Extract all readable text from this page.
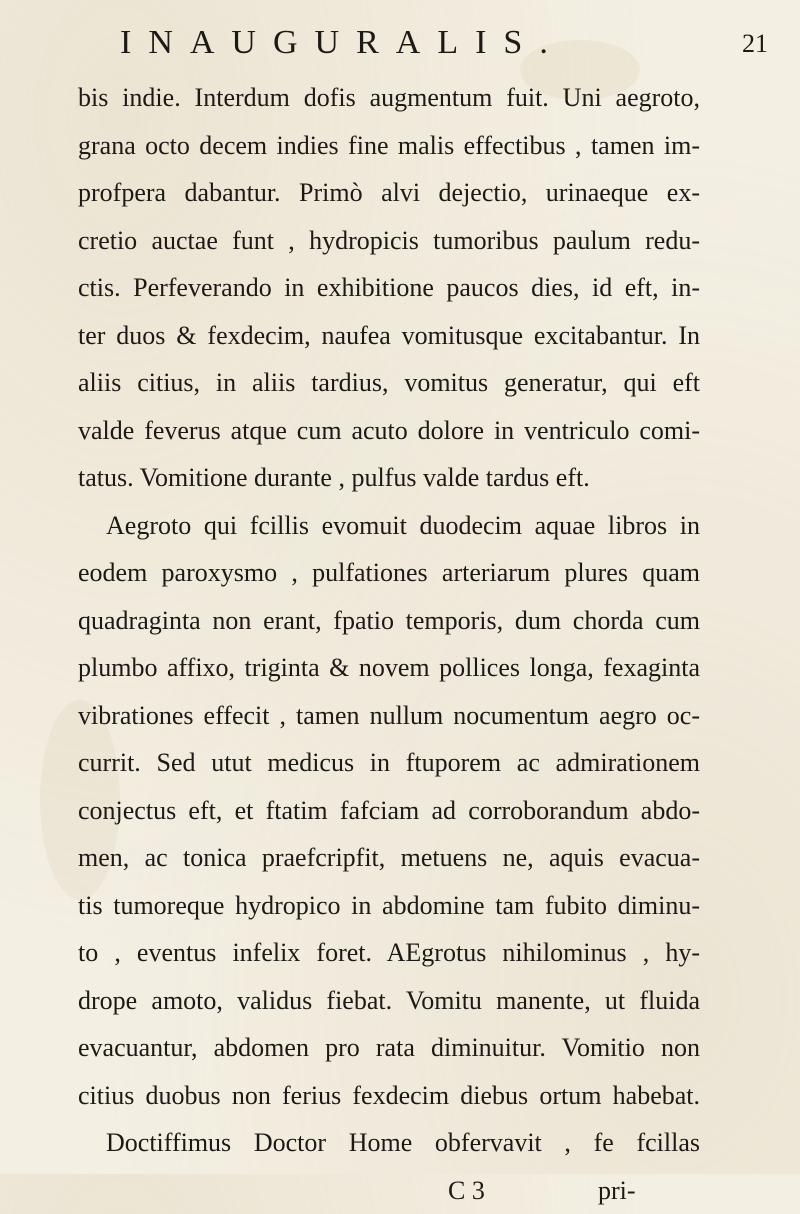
INAUGURALIS.	21
bis indie. Interdum dofis augmentum fuit. Uni aegroto,
grana octo decem indies fine malis effectibus , tamen im-
profpera dabantur. Primò alvi dejectio, urinaeque ex-
cretio auctae funt , hydropicis tumoribus paulum redu-
ctis. Perfeverando in exhibitione paucos dies, id eft, in-
ter duos & fexdecim, naufea vomitusque excitabantur. In
aliis citius, in aliis tardius, vomitus generatur, qui eft
valde feverus atque cum acuto dolore in ventriculo comi-
tatus. Vomitione durante , pulfus valde tardus eft.
Aegroto qui fcillis evomuit duodecim aquae libros in
eodem paroxysmo , pulfationes arteriarum plures quam
quadraginta non erant, fpatio temporis, dum chorda cum
plumbo affixo, triginta & novem pollices longa, fexaginta
vibrationes effecit , tamen nullum nocumentum aegro oc-
currit. Sed utut medicus in ftuporem ac admirationem
conjectus eft, et ftatim fafciam ad corroborandum abdo-
men, ac tonica praefcripfit, metuens ne, aquis evacua-
tis tumoreque hydropico in abdomine tam fubito diminu-
to , eventus infelix foret. AEgrotus nihilominus , hy-
drope amoto, validus fiebat. Vomitu manente, ut fluida
evacuantur, abdomen pro rata diminuitur. Vomitio non
citius duobus non ferius fexdecim diebus ortum habebat.
Doctiffimus Doctor Home obfervavit , fe fcillas
C 3	pri-
